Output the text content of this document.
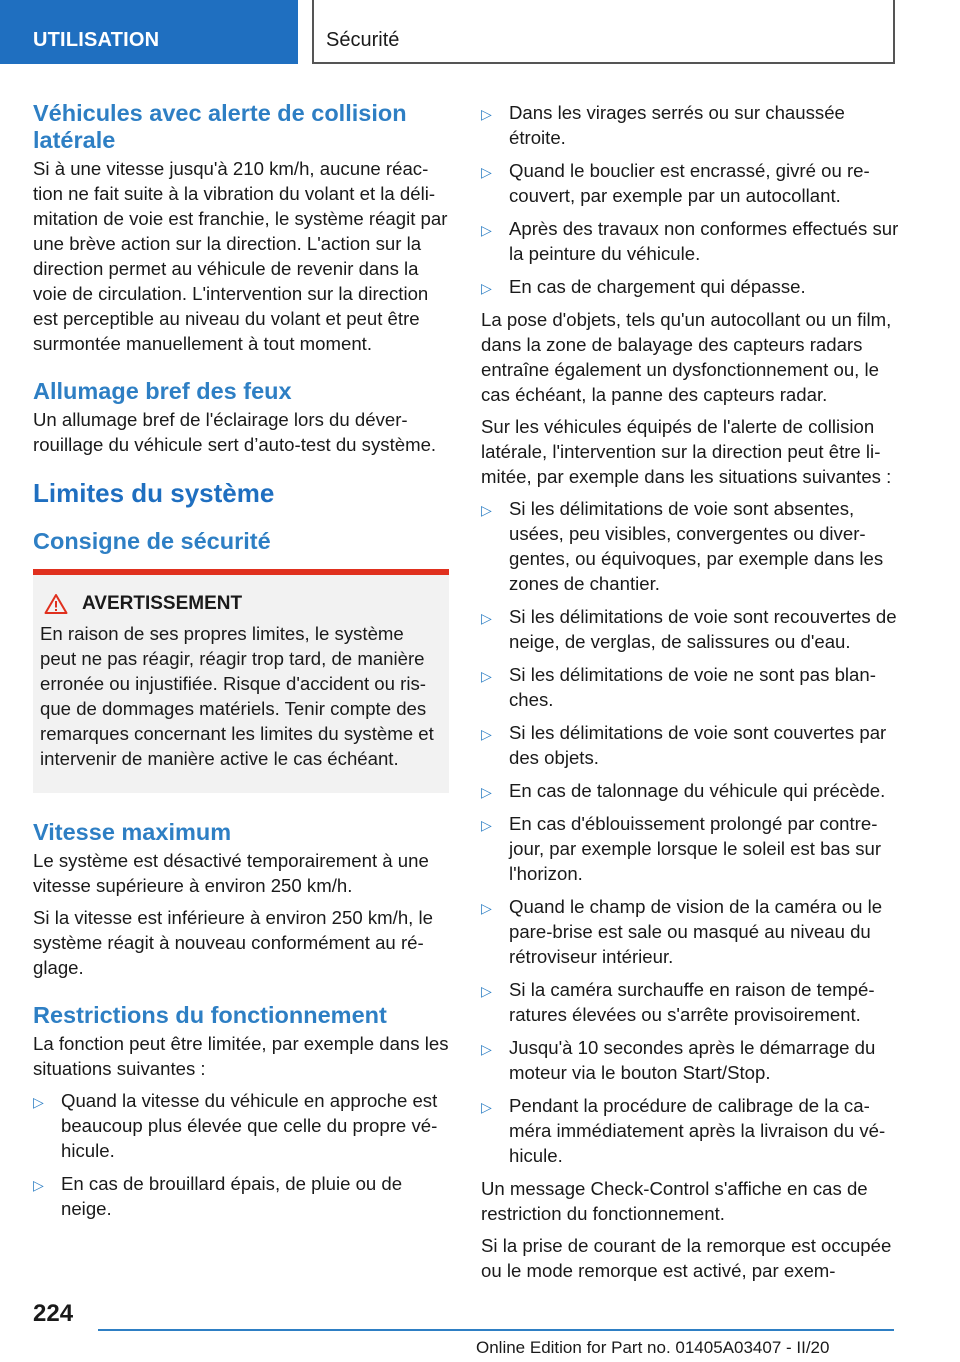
UTILISATION	Sécurité
Véhicules avec alerte de collision latérale

Si à une vitesse jusqu'à 210 km/h, aucune réaction ne fait suite à la vibration du volant et la délimitation de voie est franchie, le système réagit par une brève action sur la direction. L'action sur la direction permet au véhicule de revenir dans la voie de circulation. L'intervention sur la direction est perceptible au niveau du volant et peut être surmontée manuellement à tout moment.

Allumage bref des feux

Un allumage bref de l'éclairage lors du déverrouillage du véhicule sert d’auto-test du système.

Limites du système
Consigne de sécurité
AVERTISSEMENT

En raison de ses propres limites, le système peut ne pas réagir, réagir trop tard, de manière erronée ou injustifiée. Risque d'accident ou risque de dommages matériels. Tenir compte des remarques concernant les limites du système et intervenir de manière active le cas échéant.

Vitesse maximum

Le système est désactivé temporairement à une vitesse supérieure à environ 250 km/h.

Si la vitesse est inférieure à environ 250 km/h, le système réagit à nouveau conformément au réglage.

Restrictions du fonctionnement

La fonction peut être limitée, par exemple dans les situations suivantes :

▷ Quand la vitesse du véhicule en approche est beaucoup plus élevée que celle du propre véhicule.
▷ En cas de brouillard épais, de pluie ou de neige.
▷ Dans les virages serrés ou sur chaussée étroite.
▷ Quand le bouclier est encrassé, givré ou recouvert, par exemple par un autocollant.
▷ Après des travaux non conformes effectués sur la peinture du véhicule.
▷ En cas de chargement qui dépasse.

La pose d'objets, tels qu'un autocollant ou un film, dans la zone de balayage des capteurs radars entraîne également un dysfonctionnement ou, le cas échéant, la panne des capteurs radar.

Sur les véhicules équipés de l'alerte de collision latérale, l'intervention sur la direction peut être limitée, par exemple dans les situations suivantes :

▷ Si les délimitations de voie sont absentes, usées, peu visibles, convergentes ou divergentes, ou équivoques, par exemple dans les zones de chantier.
▷ Si les délimitations de voie sont recouvertes de neige, de verglas, de salissures ou d'eau.
▷ Si les délimitations de voie ne sont pas blanches.
▷ Si les délimitations de voie sont couvertes par des objets.
▷ En cas de talonnage du véhicule qui précède.
▷ En cas d'éblouissement prolongé par contre-jour, par exemple lorsque le soleil est bas sur l'horizon.
▷ Quand le champ de vision de la caméra ou le pare-brise est sale ou masqué au niveau du rétroviseur intérieur.
▷ Si la caméra surchauffe en raison de températures élevées ou s'arrête provisoirement.
▷ Jusqu'à 10 secondes après le démarrage du moteur via le bouton Start/Stop.
▷ Pendant la procédure de calibrage de la caméra immédiatement après la livraison du véhicule.

Un message Check-Control s'affiche en cas de restriction du fonctionnement.

Si la prise de courant de la remorque est occupée ou le mode remorque est activé, par exem-

224
Online Edition for Part no. 01405A03407 - II/20
